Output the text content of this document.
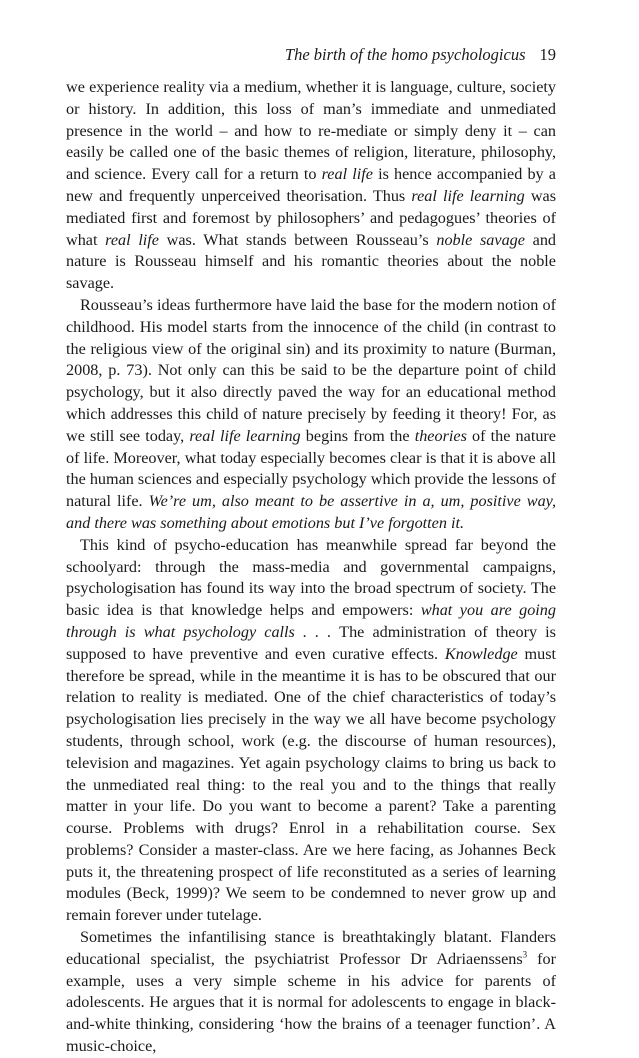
The birth of the homo psychologicus 19

we experience reality via a medium, whether it is language, culture, society or history. In addition, this loss of man’s immediate and unmediated presence in the world – and how to re-mediate or simply deny it – can easily be called one of the basic themes of religion, literature, philosophy, and science. Every call for a return to real life is hence accompanied by a new and frequently unperceived theorisation. Thus real life learning was mediated first and foremost by philosophers’ and pedagogues’ theories of what real life was. What stands between Rousseau’s noble savage and nature is Rousseau himself and his romantic theories about the noble savage.

Rousseau’s ideas furthermore have laid the base for the modern notion of childhood. His model starts from the innocence of the child (in contrast to the religious view of the original sin) and its proximity to nature (Burman, 2008, p. 73). Not only can this be said to be the departure point of child psychology, but it also directly paved the way for an educational method which addresses this child of nature precisely by feeding it theory! For, as we still see today, real life learning begins from the theories of the nature of life. Moreover, what today especially becomes clear is that it is above all the human sciences and especially psychology which provide the lessons of natural life. We’re um, also meant to be assertive in a, um, positive way, and there was something about emotions but I’ve forgotten it.

This kind of psycho-education has meanwhile spread far beyond the schoolyard: through the mass-media and governmental campaigns, psychologisation has found its way into the broad spectrum of society. The basic idea is that knowledge helps and empowers: what you are going through is what psychology calls . . . The administration of theory is supposed to have preventive and even curative effects. Knowledge must therefore be spread, while in the meantime it is has to be obscured that our relation to reality is mediated. One of the chief characteristics of today’s psychologisation lies precisely in the way we all have become psychology students, through school, work (e.g. the discourse of human resources), television and magazines. Yet again psychology claims to bring us back to the unmediated real thing: to the real you and to the things that really matter in your life. Do you want to become a parent? Take a parenting course. Problems with drugs? Enrol in a rehabilitation course. Sex problems? Consider a master-class. Are we here facing, as Johannes Beck puts it, the threatening prospect of life reconstituted as a series of learning modules (Beck, 1999)? We seem to be condemned to never grow up and remain forever under tutelage.

Sometimes the infantilising stance is breathtakingly blatant. Flanders educational specialist, the psychiatrist Professor Dr Adriaenssens$^3$ for example, uses a very simple scheme in his advice for parents of adolescents. He argues that it is normal for adolescents to engage in black-and-white thinking, considering ‘how the brains of a teenager function’. A music-choice,
